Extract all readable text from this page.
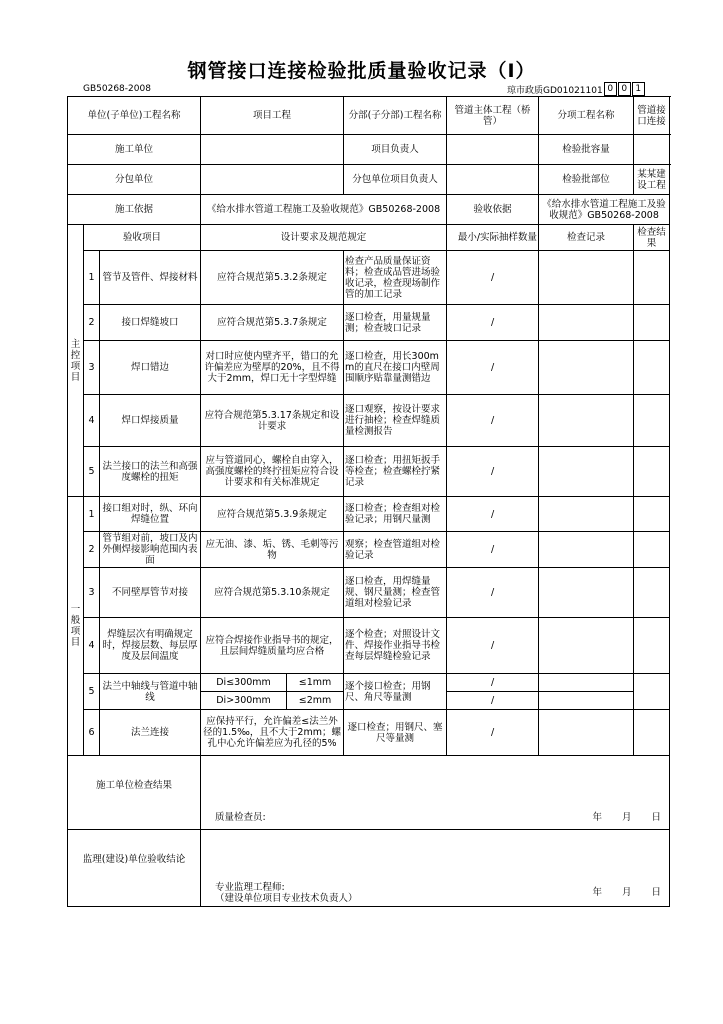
钢管接口连接检验批质量验收记录（Ⅰ）
GB50268-2008	琼市政质GD01021101 0 0 1
单位(子单位)工程名称			项目工程		分部(子分部)工程名称	管道主体工程（桥管）	分项工程名称	管道接口连接
施工单位					项目负责人		检验批容量	
分包单位					分包单位项目负责人		检验批部位	某某建设工程
施工依据			《给水排水管道工程施工及验收规范》GB50268-2008			验收依据	《给水排水管道工程施工及验收规范》GB50268-2008	

主
控
项
目	验收项目		设计要求及规范规定			最小/实际抽样数量	检查记录	检查结果
	1	管节及管件、焊接材料	应符合规范第5.3.2条规定		检查产品质量保证资料；检查成品管进场验收记录，检查现场制作管的加工记录	/		
	2	接口焊缝坡口	应符合规范第5.3.7条规定		逐口检查，用量规量测；检查坡口记录	/		
	3	焊口错边	对口时应使内壁齐平，错口的允许偏差应为壁厚的20%，且不得大于2mm，焊口无十字型焊缝		逐口检查，用长300mm的直尺在接口内壁周围顺序贴靠量测错边	/		
	4	焊口焊接质量	应符合规范第5.3.17条规定和设计要求		逐口观察，按设计要求进行抽检；检查焊缝质量检测报告	/		
	5	法兰接口的法兰和高强度螺栓的扭矩	应与管道同心，螺栓自由穿入，高强度螺栓的终拧扭矩应符合设计要求和有关标准规定		逐口检查；用扭矩扳手等检查；检查螺栓拧紧记录	/		

一
般
项
目	1	接口组对时，纵、环向焊缝位置	应符合规范第5.3.9条规定		逐口检查；检查组对检验记录；用钢尺量测	/		
	2	管节组对前，坡口及内外侧焊接影响范围内表面	应无油、漆、垢、锈、毛刺等污物		观察；检查管道组对检验记录	/		
	3	不同壁厚管节对接	应符合规范第5.3.10条规定		逐口检查，用焊缝量规、钢尺量测；检查管道组对检验记录	/		
	4	焊缝层次有明确规定时，焊接层数、每层厚度及层间温度	应符合焊接作业指导书的规定，且层间焊缝质量均应合格		逐个检查；对照设计文件、焊接作业指导书检查每层焊缝检验记录	/		
	5	法兰中轴线与管道中轴线	Di≤300mm	≤1mm	逐个接口检查；用钢尺、角尺等量测	/		
			Di>300mm	≤2mm		/		
	6	法兰连接	应保持平行，允许偏差≤法兰外径的1.5‰，且不大于2mm；螺孔中心允许偏差应为孔径的5%		逐口检查；用钢尺、塞尺等量测	/		
施工单位检查结果			质量检查员: 年 月 日					

监理(建设)单位验收结论			专业监理工程师:
（建设单位项目专业技术负责人）
年 月 日					
